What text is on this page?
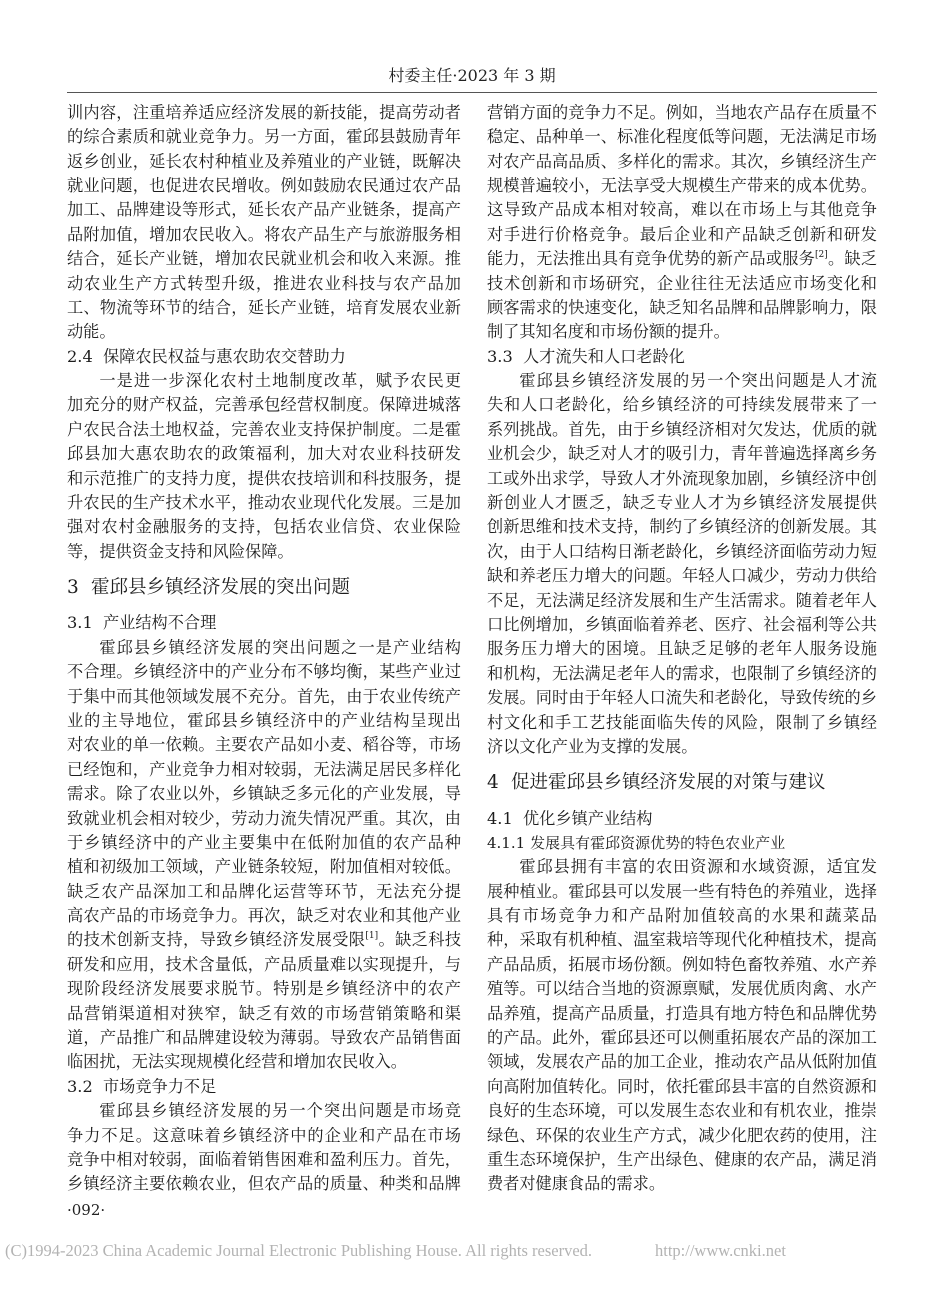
村委主任·2023 年 3 期
训内容，注重培养适应经济发展的新技能，提高劳动者
的综合素质和就业竞争力。另一方面，霍邱县鼓励青年
返乡创业，延长农村种植业及养殖业的产业链，既解决
就业问题，也促进农民增收。例如鼓励农民通过农产品
加工、品牌建设等形式，延长农产品产业链条，提高产
品附加值，增加农民收入。将农产品生产与旅游服务相
结合，延长产业链，增加农民就业机会和收入来源。推
动农业生产方式转型升级，推进农业科技与农产品加
工、物流等环节的结合，延长产业链，培育发展农业新
动能。
2.4 保障农民权益与惠农助农交替助力
一是进一步深化农村土地制度改革，赋予农民更
加充分的财产权益，完善承包经营权制度。保障进城落
户农民合法土地权益，完善农业支持保护制度。二是霍
邱县加大惠农助农的政策福利，加大对农业科技研发
和示范推广的支持力度，提供农技培训和科技服务，提
升农民的生产技术水平，推动农业现代化发展。三是加
强对农村金融服务的支持，包括农业信贷、农业保险
等，提供资金支持和风险保障。
3 霍邱县乡镇经济发展的突出问题
3.1 产业结构不合理
霍邱县乡镇经济发展的突出问题之一是产业结构
不合理。乡镇经济中的产业分布不够均衡，某些产业过
于集中而其他领域发展不充分。首先，由于农业传统产
业的主导地位，霍邱县乡镇经济中的产业结构呈现出
对农业的单一依赖。主要农产品如小麦、稻谷等，市场
已经饱和，产业竞争力相对较弱，无法满足居民多样化
需求。除了农业以外，乡镇缺乏多元化的产业发展，导
致就业机会相对较少，劳动力流失情况严重。其次，由
于乡镇经济中的产业主要集中在低附加值的农产品种
植和初级加工领域，产业链条较短，附加值相对较低。
缺乏农产品深加工和品牌化运营等环节，无法充分提
高农产品的市场竞争力。再次，缺乏对农业和其他产业
的技术创新支持，导致乡镇经济发展受限[1]。缺乏科技
研发和应用，技术含量低，产品质量难以实现提升，与
现阶段经济发展要求脱节。特别是乡镇经济中的农产
品营销渠道相对狭窄，缺乏有效的市场营销策略和渠
道，产品推广和品牌建设较为薄弱。导致农产品销售面
临困扰，无法实现规模化经营和增加农民收入。
3.2 市场竞争力不足
霍邱县乡镇经济发展的另一个突出问题是市场竞
争力不足。这意味着乡镇经济中的企业和产品在市场
竞争中相对较弱，面临着销售困难和盈利压力。首先，
乡镇经济主要依赖农业，但农产品的质量、种类和品牌
营销方面的竞争力不足。例如，当地农产品存在质量不
稳定、品种单一、标准化程度低等问题，无法满足市场
对农产品高品质、多样化的需求。其次，乡镇经济生产
规模普遍较小，无法享受大规模生产带来的成本优势。
这导致产品成本相对较高，难以在市场上与其他竞争
对手进行价格竞争。最后企业和产品缺乏创新和研发
能力，无法推出具有竞争优势的新产品或服务[2]。缺乏
技术创新和市场研究，企业往往无法适应市场变化和
顾客需求的快速变化，缺乏知名品牌和品牌影响力，限
制了其知名度和市场份额的提升。
3.3 人才流失和人口老龄化
霍邱县乡镇经济发展的另一个突出问题是人才流
失和人口老龄化，给乡镇经济的可持续发展带来了一
系列挑战。首先，由于乡镇经济相对欠发达，优质的就
业机会少，缺乏对人才的吸引力，青年普遍选择离乡务
工或外出求学，导致人才外流现象加剧，乡镇经济中创
新创业人才匮乏，缺乏专业人才为乡镇经济发展提供
创新思维和技术支持，制约了乡镇经济的创新发展。其
次，由于人口结构日渐老龄化，乡镇经济面临劳动力短
缺和养老压力增大的问题。年轻人口减少，劳动力供给
不足，无法满足经济发展和生产生活需求。随着老年人
口比例增加，乡镇面临着养老、医疗、社会福利等公共
服务压力增大的困境。且缺乏足够的老年人服务设施
和机构，无法满足老年人的需求，也限制了乡镇经济的
发展。同时由于年轻人口流失和老龄化，导致传统的乡
村文化和手工艺技能面临失传的风险，限制了乡镇经
济以文化产业为支撑的发展。
4 促进霍邱县乡镇经济发展的对策与建议
4.1 优化乡镇产业结构
4.1.1 发展具有霍邱资源优势的特色农业产业
霍邱县拥有丰富的农田资源和水域资源，适宜发
展种植业。霍邱县可以发展一些有特色的养殖业，选择
具有市场竞争力和产品附加值较高的水果和蔬菜品
种，采取有机种植、温室栽培等现代化种植技术，提高
产品品质，拓展市场份额。例如特色畜牧养殖、水产养
殖等。可以结合当地的资源禀赋，发展优质肉禽、水产
品养殖，提高产品质量，打造具有地方特色和品牌优势
的产品。此外，霍邱县还可以侧重拓展农产品的深加工
领域，发展农产品的加工企业，推动农产品从低附加值
向高附加值转化。同时，依托霍邱县丰富的自然资源和
良好的生态环境，可以发展生态农业和有机农业，推崇
绿色、环保的农业生产方式，减少化肥农药的使用，注
重生态环境保护，生产出绿色、健康的农产品，满足消
费者对健康食品的需求。
·092·
(C)1994-2023 China Academic Journal Electronic Publishing House. All rights reserved.	http://www.cnki.net
